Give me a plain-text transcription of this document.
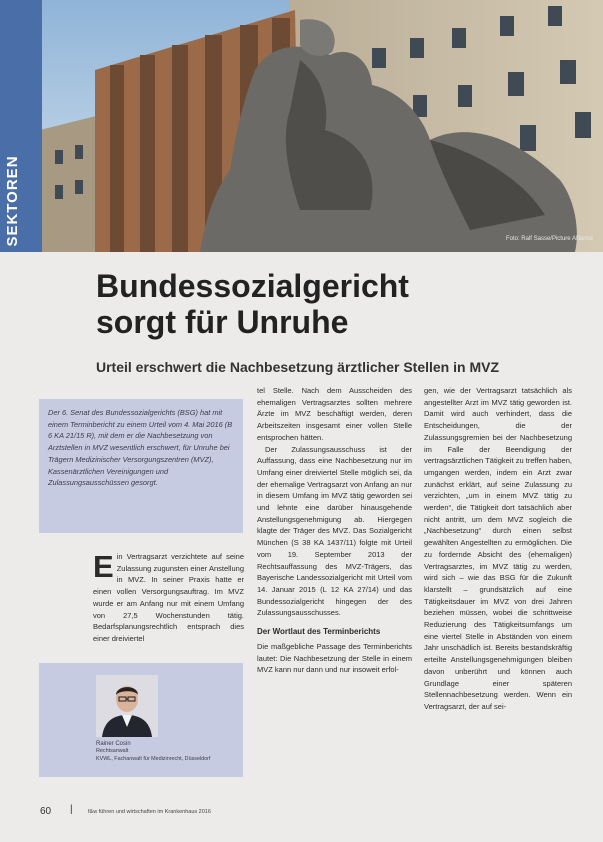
SEKTOREN	Foto: Ralf Sasse/Picture Alliance
Bundessozialgericht
sorgt für Unruhe
Urteil erschwert die Nachbesetzung ärztlicher Stellen in MVZ

Der 6. Senat des Bundessozialgerichts (BSG) hat mit einem Terminbericht zu einem Urteil vom 4. Mai 2016 (B 6 KA 21/15 R), mit dem er die Nachbesetzung von Arztstellen in MVZ wesentlich erschwert, für Unruhe bei Trägern Medizinischer Versorgungszentren (MVZ), Kassenärztlichen Vereinigungen und Zulassungsausschüssen gesorgt.

Ein Vertragsarzt verzichtete auf seine Zulassung zugunsten einer Anstellung in MVZ. In seiner Praxis hatte er einen vollen Versorgungsauftrag. Im MVZ wurde er am Anfang nur mit einem Umfang von 27,5 Wochenstunden tätig. Bedarfsplanungsrechtlich entsprach dies einer dreiviertel

Rainer Cosin
Rechtsanwalt
KVWL, Fachanwalt für Medizinrecht, Düsseldorf

tel Stelle. Nach dem Ausscheiden des ehemaligen Vertragsarztes sollten mehrere Ärzte im MVZ beschäftigt werden, deren Arbeitszeiten insgesamt einer vollen Stelle entsprochen hätten.

Der Zulassungsausschuss ist der Auffassung, dass eine Nachbesetzung nur im Umfang einer dreiviertel Stelle möglich sei, da der ehemalige Vertragsarzt von Anfang an nur in diesem Umfang im MVZ tätig geworden sei und lehnte eine darüber hinausgehende Anstellungsgenehmigung ab. Hiergegen klagte der Träger des MVZ. Das Sozialgericht München (S 38 KA 1437/11) folgte mit Urteil vom 19. September 2013 der Rechtsauffassung des MVZ-Trägers, das Bayerische Landessozialgericht mit Urteil vom 14. Januar 2015 (L 12 KA 27/14) und das Bundessozialgericht hingegen der des Zulassungsausschusses.

Der Wortlaut des Terminberichts

Die maßgebliche Passage des Terminberichts lautet: Die Nachbesetzung der Stelle in einem MVZ kann nur dann und nur insoweit erfol-

gen, wie der Vertragsarzt tatsächlich als angestellter Arzt im MVZ tätig geworden ist. Damit wird auch verhindert, dass die Entscheidungen, die der Zulassungsgremien bei der Nachbesetzung im Falle der Beendigung der vertragsärztlichen Tätigkeit zu treffen haben, umgangen werden, indem ein Arzt zwar zunächst erklärt, auf seine Zulassung zu verzichten, „um in einem MVZ tätig zu werden“, die Tätigkeit dort tatsächlich aber nicht antritt, um dem MVZ sogleich die „Nachbesetzung“ durch einen selbst gewählten Angestellten zu ermöglichen. Die zu fordernde Absicht des (ehemaligen) Vertragsarztes, im MVZ tätig zu werden, wird sich – wie das BSG für die Zukunft klarstellt – grundsätzlich auf eine Tätigkeitsdauer im MVZ von drei Jahren beziehen müssen, wobei die schrittweise Reduzierung des Tätigkeitsumfangs um eine viertel Stelle in Abständen von einem Jahr unschädlich ist. Bereits bestandskräftig erteilte Anstellungsgenehmigungen bleiben davon unberührt und können auch Grundlage einer späteren Stellennachbesetzung werden. Wenn ein Vertragsarzt, der auf sei-

60 |	f&w führen und wirtschaften im Krankenhaus 2016
